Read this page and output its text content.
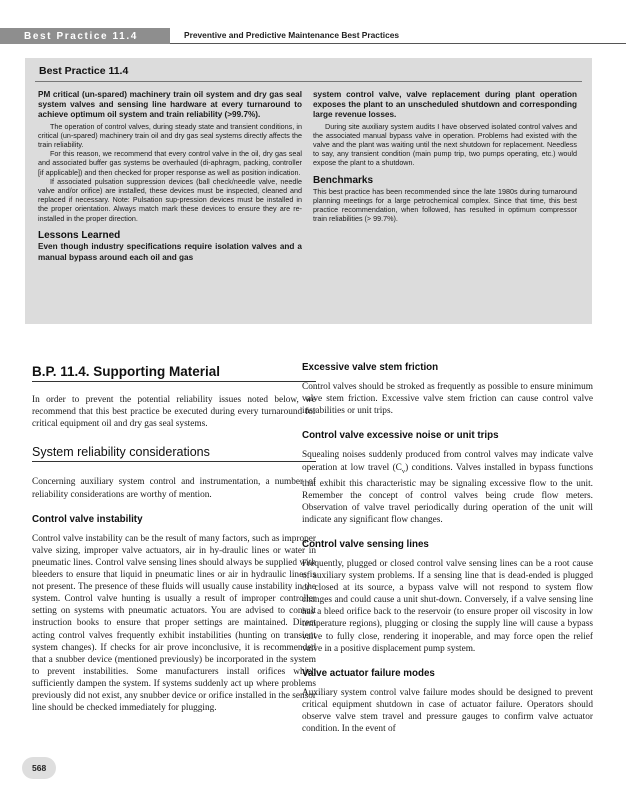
Best Practice 11.4	Preventive and Predictive Maintenance Best Practices
Best Practice 11.4
PM critical (un-spared) machinery train oil system and dry gas seal system valves and sensing line hardware at every turnaround to achieve optimum oil system and train reliability (>99.7%).

The operation of control valves, during steady state and transient conditions, in critical (un-spared) machinery train oil and dry gas seal systems directly affects the train reliability.

For this reason, we recommend that every control valve in the oil, dry gas seal and associated buffer gas systems be overhauled (di-aphragm, packing, controller [if applicable]) and then checked for proper response as well as position indication.

If associated pulsation suppression devices (ball check/needle valve, needle valve and/or orifice) are installed, these devices must be inspected, cleaned and replaced if necessary. Note: Pulsation sup-pression devices must be installed in the proper orientation. Always match mark these devices to ensure they are re-installed in the proper direction.

Lessons Learned
Even though industry specifications require isolation valves and a manual bypass around each oil and gas
system control valve, valve replacement during plant operation exposes the plant to an unscheduled shutdown and corresponding large revenue losses.

During site auxiliary system audits I have observed isolated control valves and the associated manual bypass valve in operation. Problems had existed with the valve and the plant was waiting until the next shutdown for replacement. Needless to say, any transient condition (main pump trip, two pumps operating, etc.) would expose the plant to a shutdown.

Benchmarks

This best practice has been recommended since the late 1980s during turnaround planning meetings for a large petrochemical complex. Since that time, this best practice recommendation, when followed, has resulted in optimum compressor train reliabilities (> 99.7%).

B.P. 11.4. Supporting Material

In order to prevent the potential reliability issues noted below, we recommend that this best practice be executed during every turnaround for critical equipment oil and dry gas seal systems.

System reliability considerations

Concerning auxiliary system control and instrumentation, a number of reliability considerations are worthy of mention.

Control valve instability

Control valve instability can be the result of many factors, such as improper valve sizing, improper valve actuators, air in hy-draulic lines or water in pneumatic lines. Control valve sensing lines should always be supplied with bleeders to ensure that liquid in pneumatic lines or air in hydraulic lines is not present. The presence of these fluids will usually cause instability in the system. Control valve hunting is usually a result of improper controller setting on systems with pneumatic actuators. You are advised to consult instruction books to ensure that proper settings are maintained. Direct acting control valves frequently exhibit instabilities (hunting on transient system changes). If checks for air prove inconclusive, it is recommended that a snubber device (mentioned previously) be incorporated in the system to prevent instabilities. Some manufacturers install orifices which sufficiently dampen the system. If systems suddenly act up where problems previously did not exist, any snubber device or orifice installed in the sensor line should be checked immediately for plugging.

Excessive valve stem friction

Control valves should be stroked as frequently as possible to ensure minimum valve stem friction. Excessive valve stem friction can cause control valve instabilities or unit trips.

Control valve excessive noise or unit trips

Squealing noises suddenly produced from control valves may indicate valve operation at low travel $(C_v)$ conditions. Valves installed in bypass functions that exhibit this characteristic may be signaling excessive flow to the unit. Remember the concept of control valves being crude flow meters. Observation of valve travel periodically during operation of the unit will indicate any significant flow changes.

Control valve sensing lines

Frequently, plugged or closed control valve sensing lines can be a root cause of auxiliary system problems. If a sensing line that is dead-ended is plugged or closed at its source, a bypass valve will not respond to system flow changes and could cause a unit shut-down. Conversely, if a valve sensing line has a bleed orifice back to the reservoir (to ensure proper oil viscosity in low temperature regions), plugging or closing the supply line will cause a bypass valve to fully close, rendering it inoperable, and may force open the relief valve in a positive displacement pump system.

Valve actuator failure modes

Auxiliary system control valve failure modes should be designed to prevent critical equipment shutdown in case of actuator failure. Operators should observe valve stem travel and pressure gauges to confirm valve actuator condition. In the event of

568
